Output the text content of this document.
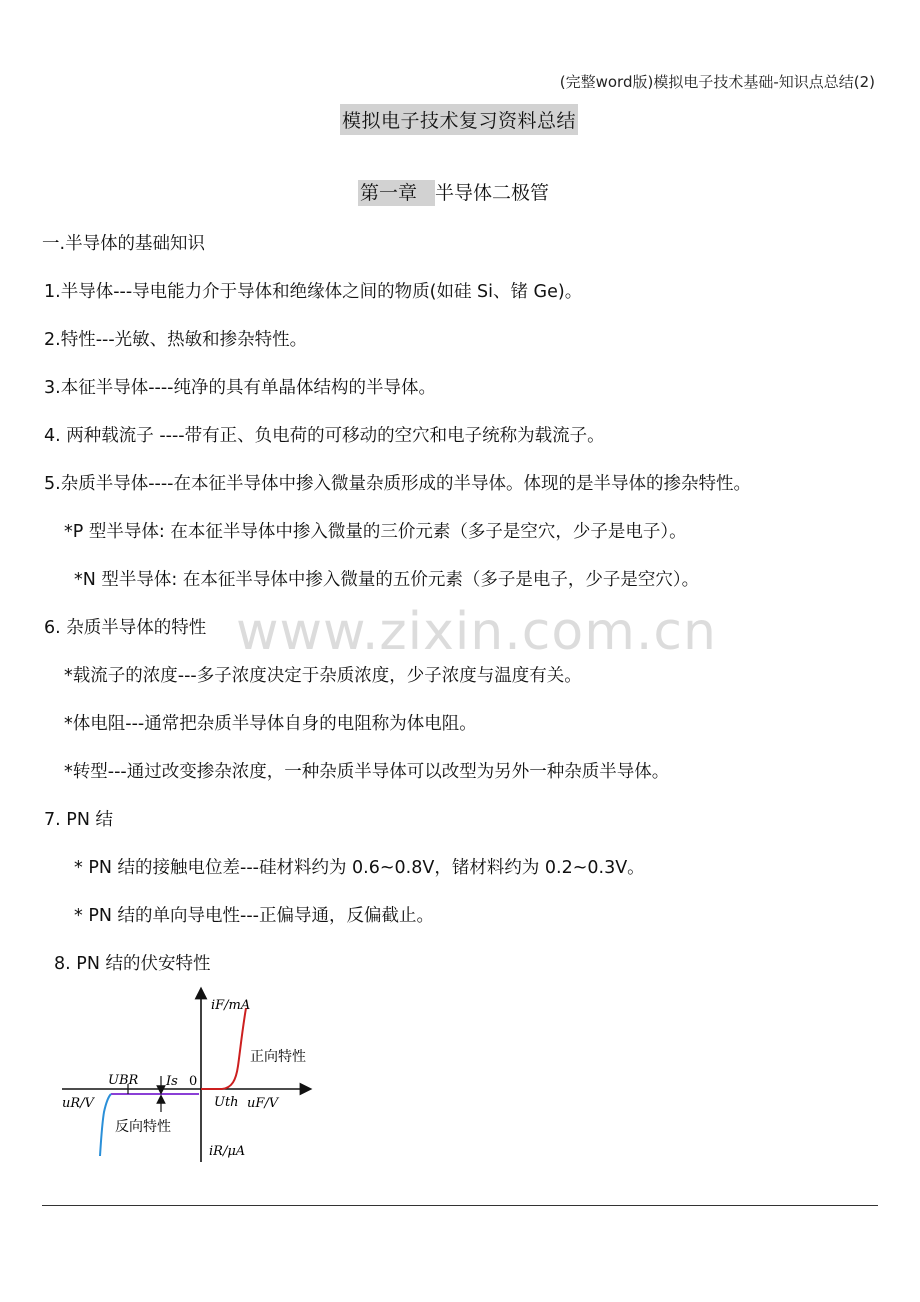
(完整word版)模拟电子技术基础-知识点总结(2)
模拟电子技术复习资料总结
第一章 半导体二极管
www.zixin.com.cn
一.半导体的基础知识
1.半导体---导电能力介于导体和绝缘体之间的物质(如硅 Si、锗 Ge)。
2.特性---光敏、热敏和掺杂特性。
3.本征半导体----纯净的具有单晶体结构的半导体。
4. 两种载流子 ----带有正、负电荷的可移动的空穴和电子统称为载流子。
5.杂质半导体----在本征半导体中掺入微量杂质形成的半导体。体现的是半导体的掺杂特性。
*P 型半导体: 在本征半导体中掺入微量的三价元素（多子是空穴，少子是电子）。
*N 型半导体: 在本征半导体中掺入微量的五价元素（多子是电子，少子是空穴）。
6. 杂质半导体的特性
*载流子的浓度---多子浓度决定于杂质浓度，少子浓度与温度有关。
*体电阻---通常把杂质半导体自身的电阻称为体电阻。
*转型---通过改变掺杂浓度，一种杂质半导体可以改型为另外一种杂质半导体。
7. PN 结
* PN 结的接触电位差---硅材料约为 0.6~0.8V，锗材料约为 0.2~0.3V。
* PN 结的单向导电性---正偏导通，反偏截止。
8. PN 结的伏安特性
iF/mA
iR/μA
uF/V
uR/V
0
UBR Is
Uth
正向特性
反向特性
